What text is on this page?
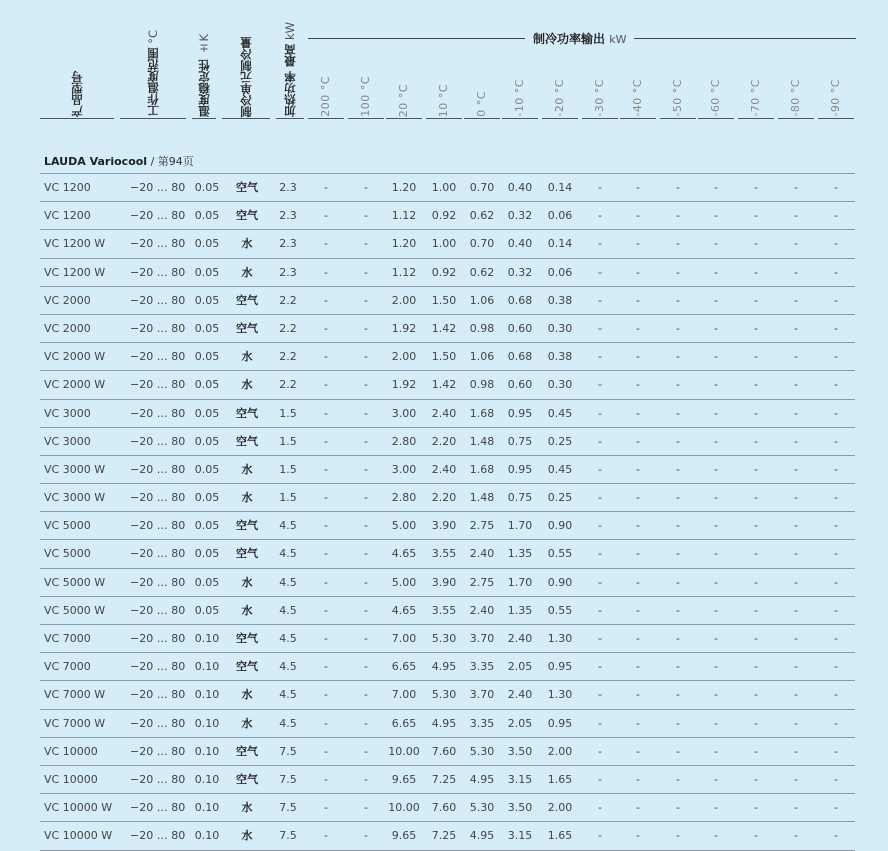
产品型号	工作温度范围 °C
温度稳定性 ±K 制冷单元制冷量	加热功率 最高 kW	制冷功率输出 kW
200 °C 100 °C 20 °C 10 °C 0 °C -10 °C -20 °C -30 °C -40 °C -50 °C -60 °C -70 °C -80 °C -90 °C
LAUDA Variocool / 第94页
VC 1200	−20 … 80 0.05	空气	2.3	-	-	1.20	1.00	0.70	0.40	0.14	-	-	-	-	-	-	-
VC 1200	−20 … 80 0.05	空气	2.3	-	-	1.12	0.92	0.62	0.32	0.06	-	-	-	-	-	-	-
VC 1200 W −20 … 80 0.05	水	2.3	-	-	1.20	1.00	0.70	0.40	0.14	-	-	-	-	-	-	-
VC 1200 W −20 … 80 0.05	水	2.3	-	-	1.12	0.92	0.62	0.32	0.06	-	-	-	-	-	-	-
VC 2000	−20 … 80 0.05	空气	2.2	-	-	2.00	1.50	1.06	0.68	0.38	-	-	-	-	-	-	-
VC 2000	−20 … 80 0.05	空气	2.2	-	-	1.92	1.42	0.98	0.60	0.30	-	-	-	-	-	-	-
VC 2000 W −20 … 80 0.05	水	2.2	-	-	2.00	1.50	1.06	0.68	0.38	-	-	-	-	-	-	-
VC 2000 W −20 … 80 0.05	水	2.2	-	-	1.92	1.42	0.98	0.60	0.30	-	-	-	-	-	-	-
VC 3000	−20 … 80 0.05	空气	1.5	-	-	3.00	2.40	1.68	0.95	0.45	-	-	-	-	-	-	-
VC 3000	−20 … 80 0.05	空气	1.5	-	-	2.80	2.20	1.48	0.75	0.25	-	-	-	-	-	-	-
VC 3000 W −20 … 80 0.05	水	1.5	-	-	3.00	2.40	1.68	0.95	0.45	-	-	-	-	-	-	-
VC 3000 W −20 … 80 0.05	水	1.5	-	-	2.80	2.20	1.48	0.75	0.25	-	-	-	-	-	-	-
VC 5000	−20 … 80 0.05	空气	4.5	-	-	5.00	3.90	2.75	1.70	0.90	-	-	-	-	-	-	-
VC 5000	−20 … 80 0.05	空气	4.5	-	-	4.65	3.55	2.40	1.35	0.55	-	-	-	-	-	-	-
VC 5000 W −20 … 80 0.05	水	4.5	-	-	5.00	3.90	2.75	1.70	0.90	-	-	-	-	-	-	-
VC 5000 W −20 … 80 0.05	水	4.5	-	-	4.65	3.55	2.40	1.35	0.55	-	-	-	-	-	-	-
VC 7000	−20 … 80 0.10	空气	4.5	-	-	7.00	5.30	3.70	2.40	1.30	-	-	-	-	-	-	-
VC 7000	−20 … 80 0.10	空气	4.5	-	-	6.65	4.95	3.35	2.05	0.95	-	-	-	-	-	-	-
VC 7000 W −20 … 80 0.10	水	4.5	-	-	7.00	5.30	3.70	2.40	1.30	-	-	-	-	-	-	-
VC 7000 W −20 … 80 0.10	水	4.5	-	-	6.65	4.95	3.35	2.05	0.95	-	-	-	-	-	-	-
VC 10000	−20 … 80 0.10	空气	7.5	-	-	10.00	7.60	5.30	3.50	2.00	-	-	-	-	-	-	-
VC 10000	−20 … 80 0.10	空气	7.5	-	-	9.65	7.25	4.95	3.15	1.65	-	-	-	-	-	-	-
VC 10000 W −20 … 80 0.10	水	7.5	-	-	10.00	7.60	5.30	3.50	2.00	-	-	-	-	-	-	-
VC 10000 W −20 … 80 0.10	水	7.5	-	-	9.65	7.25	4.95	3.15	1.65	-	-	-	-	-	-	-
